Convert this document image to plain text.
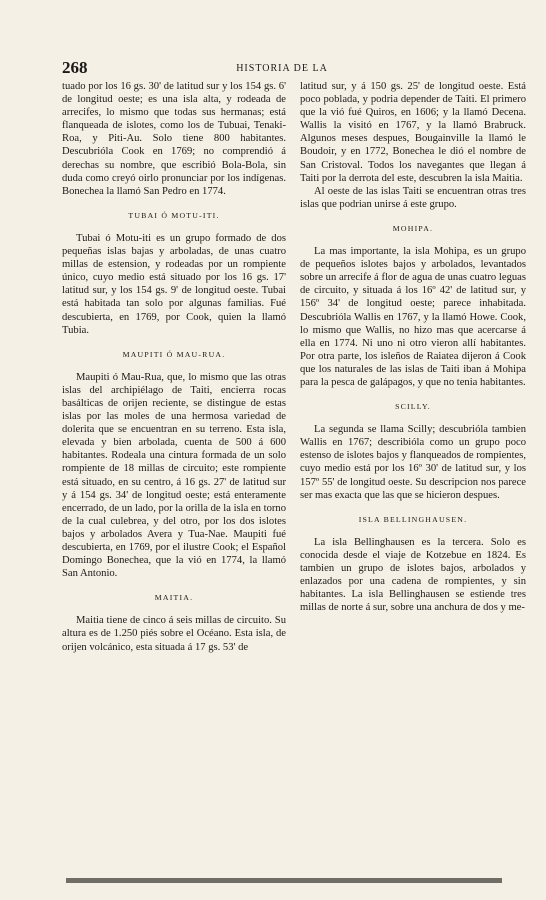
268	HISTORIA DE LA

tuado por los 16 gs. 30' de latitud sur y los 154 gs. 6' de longitud oeste; es una isla alta, y rodeada de arrecifes, lo mismo que todas sus hermanas; está flanqueada de islotes, como los de Tubuai, Tenaki-Roa, y Piti-Au. Solo tiene 800 habitantes. Descubrióla Cook en 1769; no comprendió á derechas su nombre, que escribió Bola-Bola, sin duda como creyó oirlo pronunciar por los indígenas. Bonechea la llamó San Pedro en 1774.

TUBAI Ó MOTU-ITI.

Tubai ó Motu-iti es un grupo formado de dos pequeñas islas bajas y arboladas, de unas cuatro millas de estension, y rodeadas por un rompiente único, cuyo medio está situado por los 16 gs. 17' latitud sur, y los 154 gs. 9' de longitud oeste. Tubai está habitada tan solo por algunas familias. Fué descubierta, en 1769, por Cook, quien la llamó Tubia.

MAUPITI Ó MAU-RUA.

Maupiti ó Mau-Rua, que, lo mismo que las otras islas del archipiélago de Taiti, encierra rocas basálticas de orijen reciente, se distingue de estas islas por las moles de una hermosa variedad de dolerita que se encuentran en su terreno. Esta isla, elevada y bien arbolada, cuenta de 500 á 600 habitantes. Rodeala una cintura formada de un solo rompiente de 18 millas de circuito; este rompiente está situado, en su centro, á 16 gs. 27' de latitud sur y á 154 gs. 34' de longitud oeste; está enteramente encerrado, de un lado, por la orilla de la isla en torno de la cual culebrea, y del otro, por los dos islotes bajos y arbolados Avera y Tua-Nae. Maupiti fué descubierta, en 1769, por el ilustre Cook; el Español Domingo Bonechea, que la vió en 1774, la llamó San Antonio.

MAITIA.

Maitia tiene de cinco á seis millas de circuito. Su altura es de 1.250 piés sobre el Océano. Esta isla, de orijen volcánico, esta situada á 17 gs. 53' de

latitud sur, y á 150 gs. 25' de longitud oeste. Está poco poblada, y podria depender de Taiti. El primero que la vió fué Quiros, en 1606; y la llamó Decena. Wallis la visitó en 1767, y la llamó Brabruck. Algunos meses despues, Bougainville la llamó le Boudoir, y en 1772, Bonechea le dió el nombre de San Cristoval. Todos los navegantes que llegan á Taiti por la derrota del este, descubren la isla Maitia.

Al oeste de las islas Taiti se encuentran otras tres islas que podrian unirse á este grupo.

MOHIPA.

La mas importante, la isla Mohipa, es un grupo de pequeños islotes bajos y arbolados, levantados sobre un arrecife á flor de agua de unas cuatro leguas de circuito, y situada á los 16º 42' de latitud sur, y 156º 34' de longitud oeste; parece inhabitada. Descubrióla Wallis en 1767, y la llamó Howe. Cook, lo mismo que Wallis, no hizo mas que acercarse á ella en 1774. Ni uno ni otro vieron allí habitantes. Por otra parte, los isleños de Raiatea dijeron á Cook que los naturales de las islas de Taiti iban á Mohipa para la pesca de galápagos, y que no tenia habitantes.

SCILLY.

La segunda se llama Scilly; descubrióla tambien Wallis en 1767; describióla como un grupo poco estenso de islotes bajos y flanqueados de rompientes, cuyo medio está por los 16º 30' de latitud sur, y los 157º 55' de longitud oeste. Su descripcion nos parece ser mas exacta que las que se hicieron despues.

ISLA BELLINGHAUSEN.

La isla Bellinghausen es la tercera. Solo es conocida desde el viaje de Kotzebue en 1824. Es tambien un grupo de islotes bajos, arbolados y enlazados por una cadena de rompientes, y sin habitantes. La isla Bellinghausen se estiende tres millas de norte á sur, sobre una anchura de dos y me-
